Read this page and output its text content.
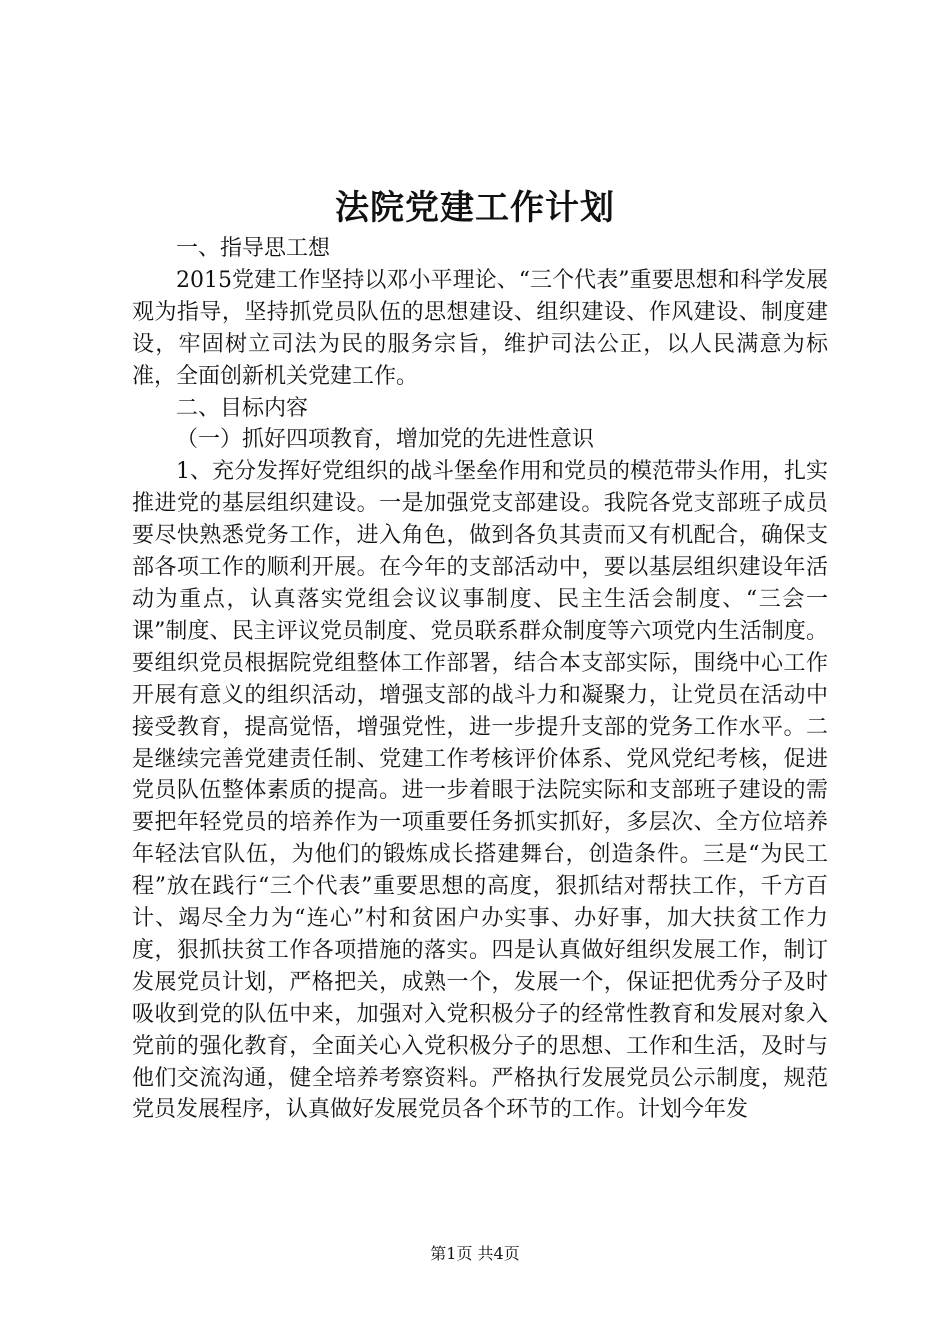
法院党建工作计划

一、指导思工想

2015党建工作坚持以邓小平理论、“三个代表”重要思想和科学发展观为指导，坚持抓党员队伍的思想建设、组织建设、作风建设、制度建设，牢固树立司法为民的服务宗旨，维护司法公正，以人民满意为标准，全面创新机关党建工作。

二、目标内容

（一）抓好四项教育，增加党的先进性意识

1、充分发挥好党组织的战斗堡垒作用和党员的模范带头作用，扎实推进党的基层组织建设。一是加强党支部建设。我院各党支部班子成员要尽快熟悉党务工作，进入角色，做到各负其责而又有机配合，确保支部各项工作的顺利开展。在今年的支部活动中，要以基层组织建设年活动为重点，认真落实党组会议议事制度、民主生活会制度、“三会一课”制度、民主评议党员制度、党员联系群众制度等六项党内生活制度。要组织党员根据院党组整体工作部署，结合本支部实际，围绕中心工作开展有意义的组织活动，增强支部的战斗力和凝聚力，让党员在活动中接受教育，提高觉悟，增强党性，进一步提升支部的党务工作水平。二是继续完善党建责任制、党建工作考核评价体系、党风党纪考核，促进党员队伍整体素质的提高。进一步着眼于法院实际和支部班子建设的需要把年轻党员的培养作为一项重要任务抓实抓好，多层次、全方位培养年轻法官队伍，为他们的锻炼成长搭建舞台，创造条件。三是“为民工程”放在践行“三个代表”重要思想的高度，狠抓结对帮扶工作，千方百计、竭尽全力为“连心”村和贫困户办实事、办好事，加大扶贫工作力度，狠抓扶贫工作各项措施的落实。四是认真做好组织发展工作，制订发展党员计划，严格把关，成熟一个，发展一个，保证把优秀分子及时吸收到党的队伍中来，加强对入党积极分子的经常性教育和发展对象入党前的强化教育，全面关心入党积极分子的思想、工作和生活，及时与他们交流沟通，健全培养考察资料。严格执行发展党员公示制度，规范党员发展程序，认真做好发展党员各个环节的工作。计划今年发

第1页 共4页
